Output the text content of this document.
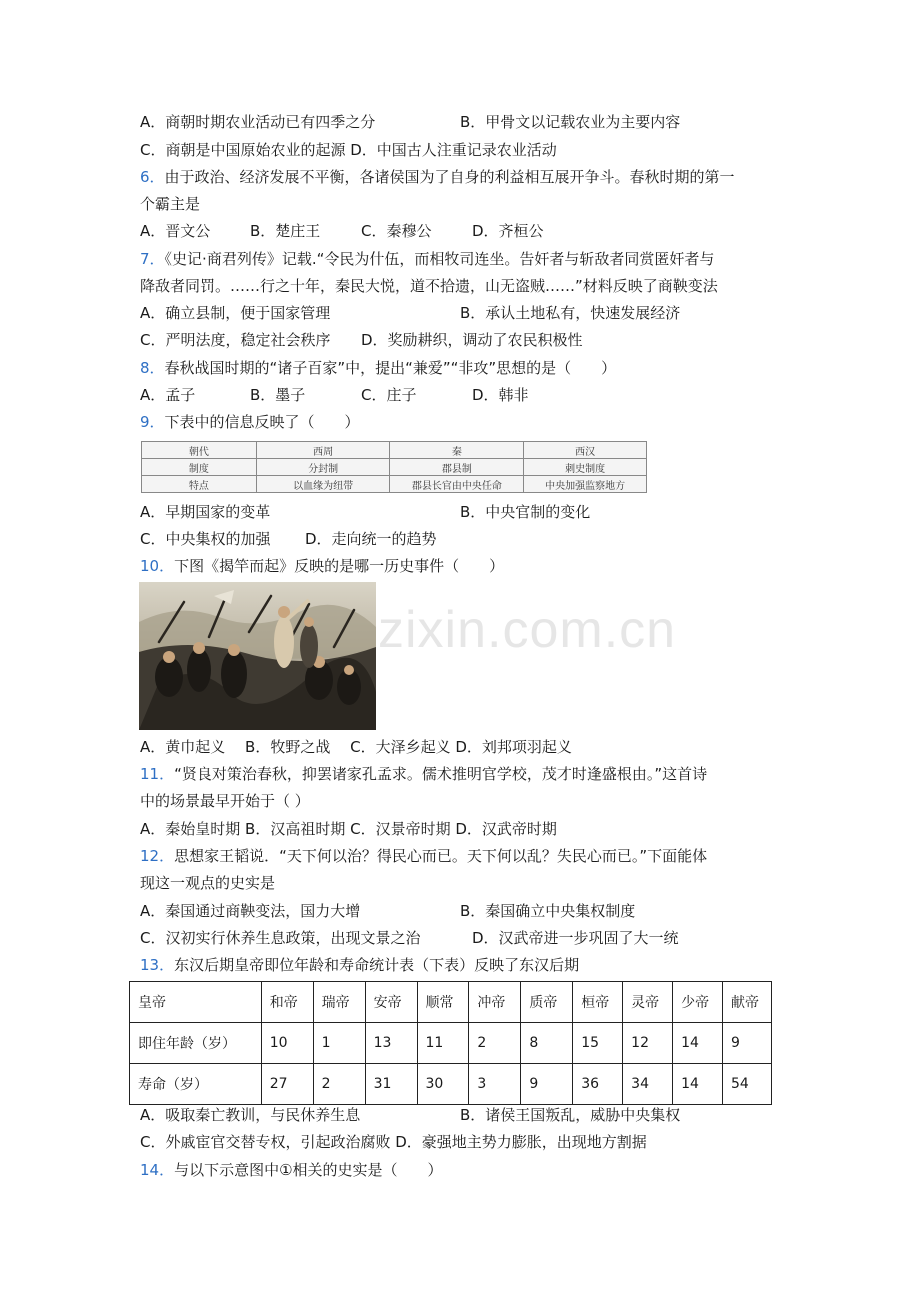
A．商朝时期农业活动已有四季之分	B．甲骨文以记载农业为主要内容
C．商朝是中国原始农业的起源 D．中国古人注重记录农业活动
6．由于政治、经济发展不平衡，各诸侯国为了自身的利益相互展开争斗。春秋时期的第一
个霸主是
A．晋文公	B．楚庄王	C．秦穆公	D．齐桓公
7．《史记·商君列传》记载.“令民为什伍，而相牧司连坐。告奸者与斩敌者同赏匿奸者与
降敌者同罚。……行之十年，秦民大悦，道不拾遗，山无盗贼……”材料反映了商鞅变法
A．确立县制，便于国家管理	B．承认土地私有，快速发展经济
C．严明法度，稳定社会秩序 D．奖励耕织，调动了农民积极性
8．春秋战国时期的“诸子百家”中，提出“兼爱”“非攻”思想的是（　　）
A．孟子	B．墨子	C．庄子	D．韩非
9．下表中的信息反映了（　　）
朝代	西周	秦	西汉
制度	分封制	郡县制	刺史制度
特点	以血缘为纽带	郡县长官由中央任命	中央加强监察地方
A．早期国家的变革	B．中央官制的变化
C．中央集权的加强 D．走向统一的趋势
10．下图《揭竿而起》反映的是哪一历史事件（　　）
zixin.com.cn
A．黄巾起义　 B．牧野之战　 C．大泽乡起义 D．刘邦项羽起义
11．“贤良对策治春秋，抑罢诸家孔孟求。儒术推明官学校，茂才时逢盛根由。”这首诗
中的场景最早开始于（ ）
A．秦始皇时期 B．汉高祖时期 C．汉景帝时期 D．汉武帝时期
12．思想家王韬说．“天下何以治？得民心而已。天下何以乱？失民心而已。”下面能体
现这一观点的史实是
A．秦国通过商鞅变法，国力大增	B．秦国确立中央集权制度
C．汉初实行休养生息政策，出现文景之治	D．汉武帝进一步巩固了大一统
13．东汉后期皇帝即位年龄和寿命统计表（下表）反映了东汉后期
皇帝	和帝	瑞帝	安帝	顺常	冲帝	质帝	桓帝	灵帝	少帝	献帝
即住年龄（岁）	10	1	13	11	2	8	15	12	14	9
寿命（岁）	27	2	31	30	3	9	36	34	14	54
A．吸取秦亡教训，与民休养生息	B．诸侯王国叛乱，威胁中央集权
C．外戚宦官交替专权，引起政治腐败 D．豪强地主势力膨胀，出现地方割据
14．与以下示意图中①相关的史实是（　　）
